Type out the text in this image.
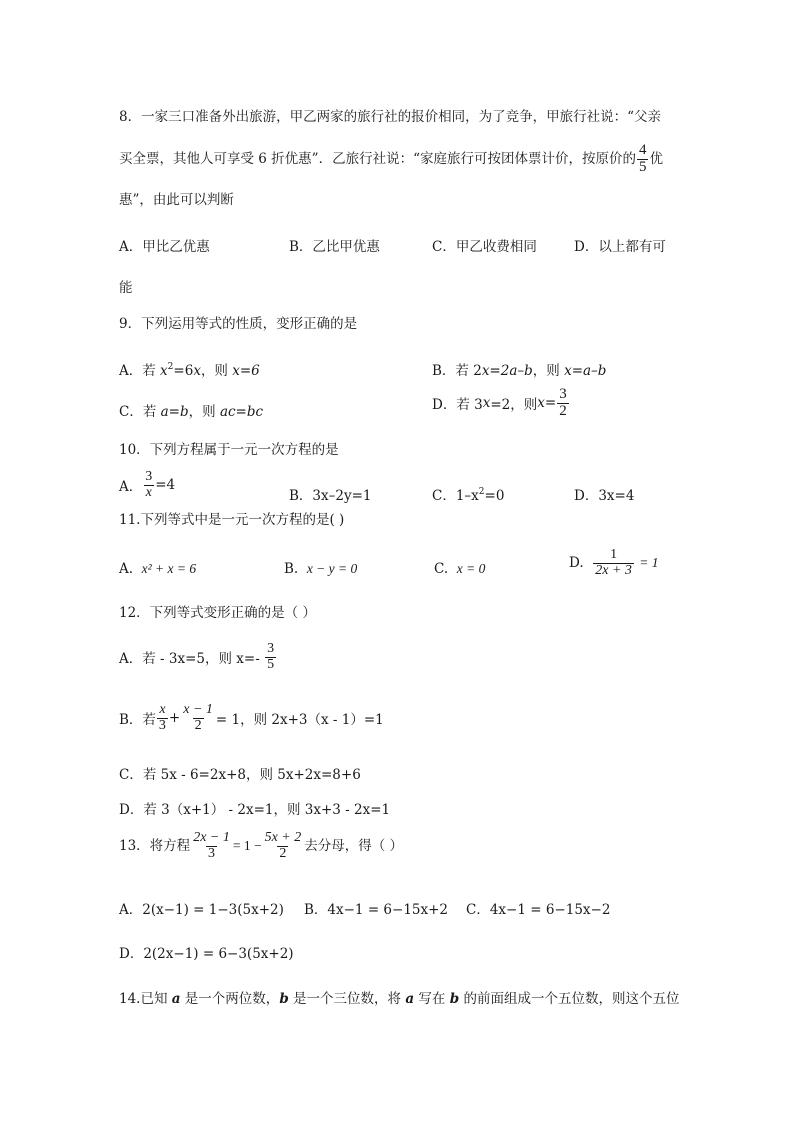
8．一家三口准备外出旅游，甲乙两家的旅行社的报价相同，为了竞争，甲旅行社说：“父亲
买全票，其他人可享受 6 折优惠”．乙旅行社说：“家庭旅行可按团体票计价，按原价的 $\frac{4}{5}$ 优
惠”，由此可以判断
A．甲比乙优惠	B．乙比甲优惠	C．甲乙收费相同	D．以上都有可
能
9．下列运用等式的性质，变形正确的是
A．若 $x^2=6x$，则 x=6	B．若 2x=2a–b，则 x=a–b
C．若 a=b，则 ac=bc	D．若 3 x =2，则 $x= \frac{3}{2}$
10．下列方程属于一元一次方程的是
A． $\frac{3}{x} =4$
B．3x–2y=1	C．$1-x^2=0$	D．3x=4
11.下列等式中是一元一次方程的是( )
A. x² + x = 6	B. x − y = 0	C. x = 0	D.
$\frac{1}{2x + 3}$
= 1
12．下列等式变形正确的是（ ）
A．若 - 3x=5，则 x=-
$\frac{3}{5}$
B．若 $\frac{x}{3} + \frac{x - 1}{2} = 1$，则 2x+3（x - 1）=1
C．若 5x - 6=2x+8，则 5x+2x=8+6
D．若 3（x+1） - 2x=1，则 3x+3 - 2x=1
13．将方程 $\frac{2x - 1}{3} = 1 - \frac{5x + 2}{2}$ 去分母，得（ ）
A．2(x−1) = 1−3(5x+2) B．4x−1 = 6−15x+2 C．4x−1 = 6−15x−2
D．2(2x−1) = 6−3(5x+2)
14.已知 a 是一个两位数，b 是一个三位数，将 a 写在 b 的前面组成一个五位数，则这个五位
